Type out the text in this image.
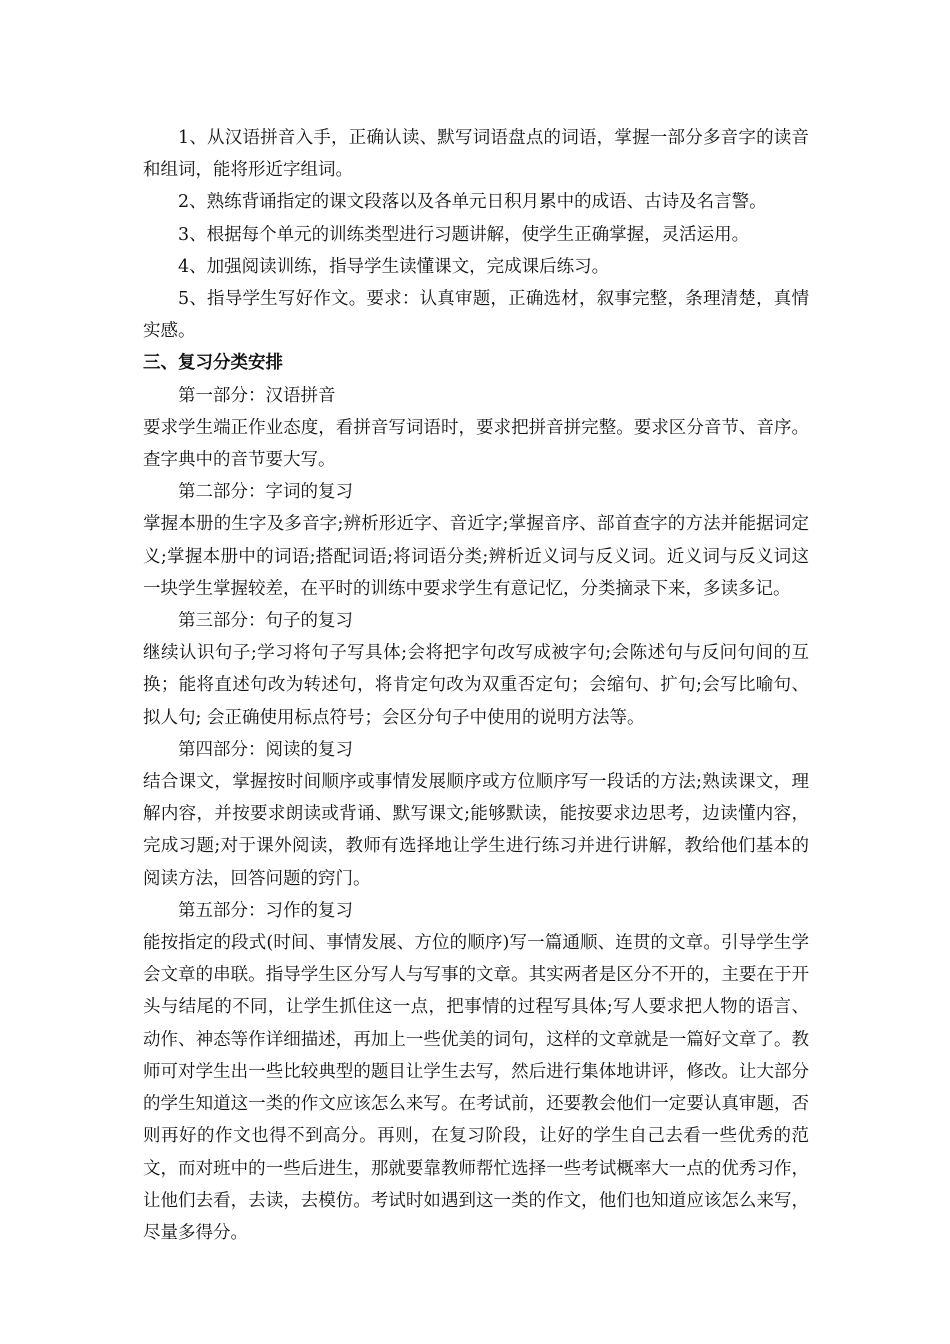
1、从汉语拼音入手，正确认读、默写词语盘点的词语，掌握一部分多音字的读音和组词，能将形近字组词。

2、熟练背诵指定的课文段落以及各单元日积月累中的成语、古诗及名言警。

3、根据每个单元的训练类型进行习题讲解，使学生正确掌握，灵活运用。

4、加强阅读训练，指导学生读懂课文，完成课后练习。

5、指导学生写好作文。要求：认真审题，正确选材，叙事完整，条理清楚，真情实感。

三、复习分类安排

第一部分：汉语拼音

要求学生端正作业态度，看拼音写词语时，要求把拼音拼完整。要求区分音节、音序。查字典中的音节要大写。

第二部分：字词的复习

掌握本册的生字及多音字;辨析形近字、音近字;掌握音序、部首查字的方法并能据词定义;掌握本册中的词语;搭配词语;将词语分类;辨析近义词与反义词。近义词与反义词这一块学生掌握较差，在平时的训练中要求学生有意记忆，分类摘录下来，多读多记。

第三部分：句子的复习

继续认识句子;学习将句子写具体;会将把字句改写成被字句;会陈述句与反问句间的互换；能将直述句改为转述句，将肯定句改为双重否定句；会缩句、扩句;会写比喻句、拟人句; 会正确使用标点符号；会区分句子中使用的说明方法等。

第四部分：阅读的复习

结合课文，掌握按时间顺序或事情发展顺序或方位顺序写一段话的方法;熟读课文，理解内容，并按要求朗读或背诵、默写课文;能够默读，能按要求边思考，边读懂内容，完成习题;对于课外阅读，教师有选择地让学生进行练习并进行讲解，教给他们基本的阅读方法，回答问题的窍门。

第五部分：习作的复习

能按指定的段式(时间、事情发展、方位的顺序)写一篇通顺、连贯的文章。引导学生学会文章的串联。指导学生区分写人与写事的文章。其实两者是区分不开的，主要在于开头与结尾的不同，让学生抓住这一点，把事情的过程写具体;写人要求把人物的语言、动作、神态等作详细描述，再加上一些优美的词句，这样的文章就是一篇好文章了。教师可对学生出一些比较典型的题目让学生去写，然后进行集体地讲评，修改。让大部分的学生知道这一类的作文应该怎么来写。在考试前，还要教会他们一定要认真审题，否则再好的作文也得不到高分。再则，在复习阶段，让好的学生自己去看一些优秀的范文，而对班中的一些后进生，那就要靠教师帮忙选择一些考试概率大一点的优秀习作，让他们去看，去读，去模仿。考试时如遇到这一类的作文，他们也知道应该怎么来写，尽量多得分。
